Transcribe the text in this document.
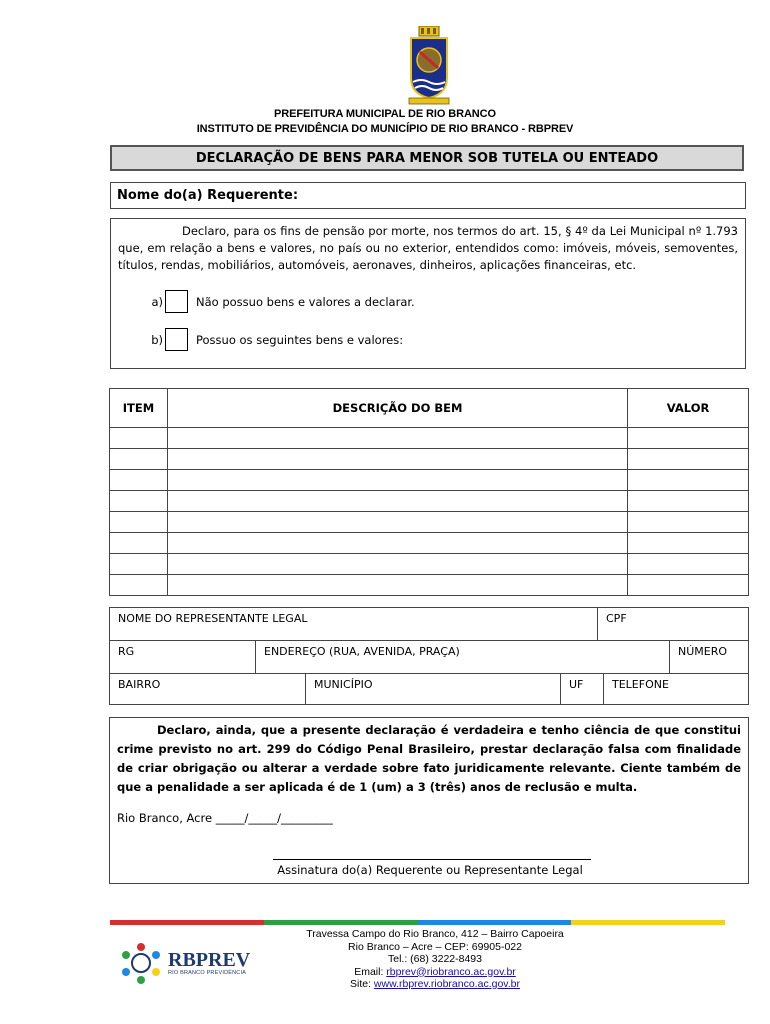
PREFEITURA MUNICIPAL DE RIO BRANCO
INSTITUTO DE PREVIDÊNCIA DO MUNICÍPIO DE RIO BRANCO - RBPREV
DECLARAÇÃO DE BENS PARA MENOR SOB TUTELA OU ENTEADO
Nome do(a) Requerente:

Declaro, para os fins de pensão por morte, nos termos do art. 15, § 4º da Lei Municipal nº 1.793 que, em relação a bens e valores, no país ou no exterior, entendidos como: imóveis, móveis, semoventes, títulos, rendas, mobiliários, automóveis, aeronaves, dinheiros, aplicações financeiras, etc.

a)	Não possuo bens e valores a declarar.
b)	Possuo os seguintes bens e valores:
ITEM	DESCRIÇÃO DO BEM	VALOR

NOME DO REPRESENTANTE LEGAL	CPF
RG	ENDEREÇO (RUA, AVENIDA, PRAÇA)	NÚMERO
BAIRRO	MUNICÍPIO	UF	TELEFONE

Declaro, ainda, que a presente declaração é verdadeira e tenho ciência de que constitui crime previsto no art. 299 do Código Penal Brasileiro, prestar declaração falsa com finalidade de criar obrigação ou alterar a verdade sobre fato juridicamente relevante. Ciente também de que a penalidade a ser aplicada é de 1 (um) a 3 (três) anos de reclusão e multa.

Rio Branco, Acre _____/_____/_________
Assinatura do(a) Requerente ou Representante Legal
RBPREV
RIO BRANCO PREVIDÊNCIA
Travessa Campo do Rio Branco, 412 – Bairro Capoeira
Rio Branco – Acre – CEP: 69905-022
Tel.: (68) 3222-8493
Email: rbprev@riobranco.ac.gov.br
Site: www.rbprev.riobranco.ac.gov.br
